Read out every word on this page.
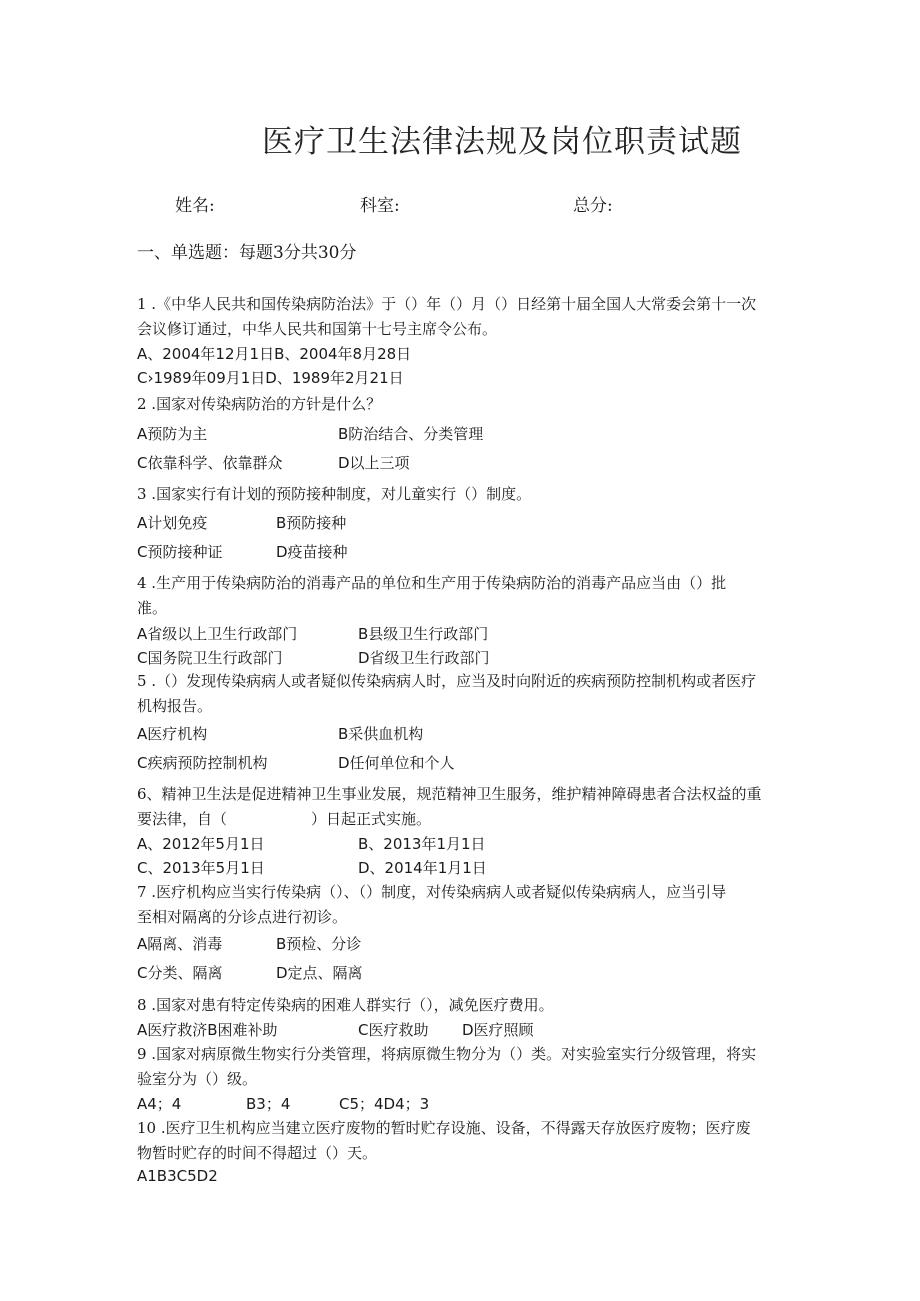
医疗卫生法律法规及岗位职责试题
姓名:	科室:	总分:
一、单选题：每题3分共30分
1 .《中华人民共和国传染病防治法》于（）年（）月（）日经第十届全国人大常委会第十一次
会议修订通过，中华人民共和国第十七号主席令公布。
A、2004年12月1日B、2004年8月28日
C›1989年09月1日D、1989年2月21日
2 .国家对传染病防治的方针是什么？
A预防为主	B防治结合、分类管理
C依靠科学、依靠群众	D以上三项
3 .国家实行有计划的预防接种制度，对儿童实行（）制度。
A计划免疫	B预防接种
C预防接种证	D疫苗接种
4 .生产用于传染病防治的消毒产品的单位和生产用于传染病防治的消毒产品应当由（）批
准。
A省级以上卫生行政部门	B县级卫生行政部门
C国务院卫生行政部门	D省级卫生行政部门
5 .（）发现传染病病人或者疑似传染病病人时，应当及时向附近的疾病预防控制机构或者医疗
机构报告。
A医疗机构	B采供血机构
C疾病预防控制机构	D任何单位和个人
6、精神卫生法是促进精神卫生事业发展，规范精神卫生服务，维护精神障碍患者合法权益的重
要法律，自（	）日起正式实施。
A、2012年5月1日	B、2013年1月1日
C、2013年5月1日	D、2014年1月1日
7 .医疗机构应当实行传染病（）、（）制度，对传染病病人或者疑似传染病病人，应当引导
至相对隔离的分诊点进行初诊。
A隔离、消毒	B预检、分诊
C分类、隔离	D定点、隔离
8 .国家对患有特定传染病的困难人群实行（），减免医疗费用。
A医疗救济B困难补助	C医疗救助 D医疗照顾
9 .国家对病原微生物实行分类管理，将病原微生物分为（）类。对实验室实行分级管理，将实
验室分为（）级。
A4；4	B3；4	C5；4D4；3
10 .医疗卫生机构应当建立医疗废物的暂时贮存设施、设备，不得露天存放医疗废物；医疗废
物暂时贮存的时间不得超过（）天。
A1B3C5D2
